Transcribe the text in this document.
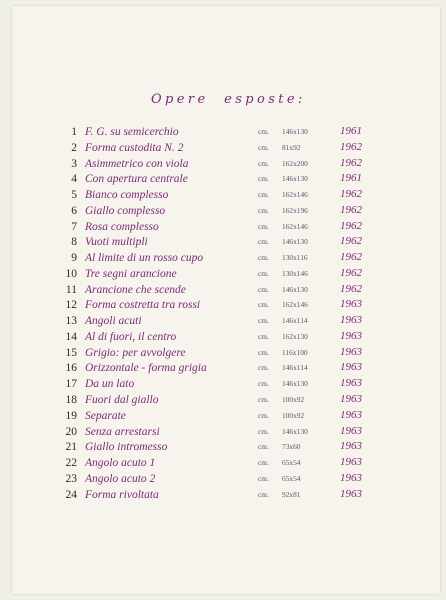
Opere esposte:
1 F. G. su semicerchio	cm. 146x130	1961
2 Forma custodita N. 2	cm. 81x92	1962
3 Asimmetrico con viola	cm. 162x200	1962
4 Con apertura centrale	cm. 146x130	1961
5 Bianco complesso	cm. 162x146	1962
6 Giallo complesso	cm. 162x196	1962
7 Rosa complesso	cm. 162x146	1962
8 Vuoti multipli	cm. 146x130	1962
9 Al limite di un rosso cupo	cm. 130x116	1962
10 Tre segni arancione	cm. 130x146	1962
11 Arancione che scende	cm. 146x130	1962
12 Forma costretta tra rossi	cm. 162x146	1963
13 Angoli acuti	cm. 146x114	1963
14 Al di fuori, il centro	cm. 162x130	1963
15 Grigio: per avvolgere	cm. 116x100	1963
16 Orizzontale - forma grigia	cm. 146x114	1963
17 Da un lato	cm. 146x130	1963
18 Fuori dal giallo	cm. 100x92	1963
19 Separate	cm. 100x92	1963
20 Senza arrestarsi	cm. 146x130	1963
21 Giallo intromesso	cm. 73x60	1963
22 Angolo acuto 1	cm. 65x54	1963
23 Angolo acuto 2	cm. 65x54	1963
24 Forma rivoltata	cm. 92x81	1963
